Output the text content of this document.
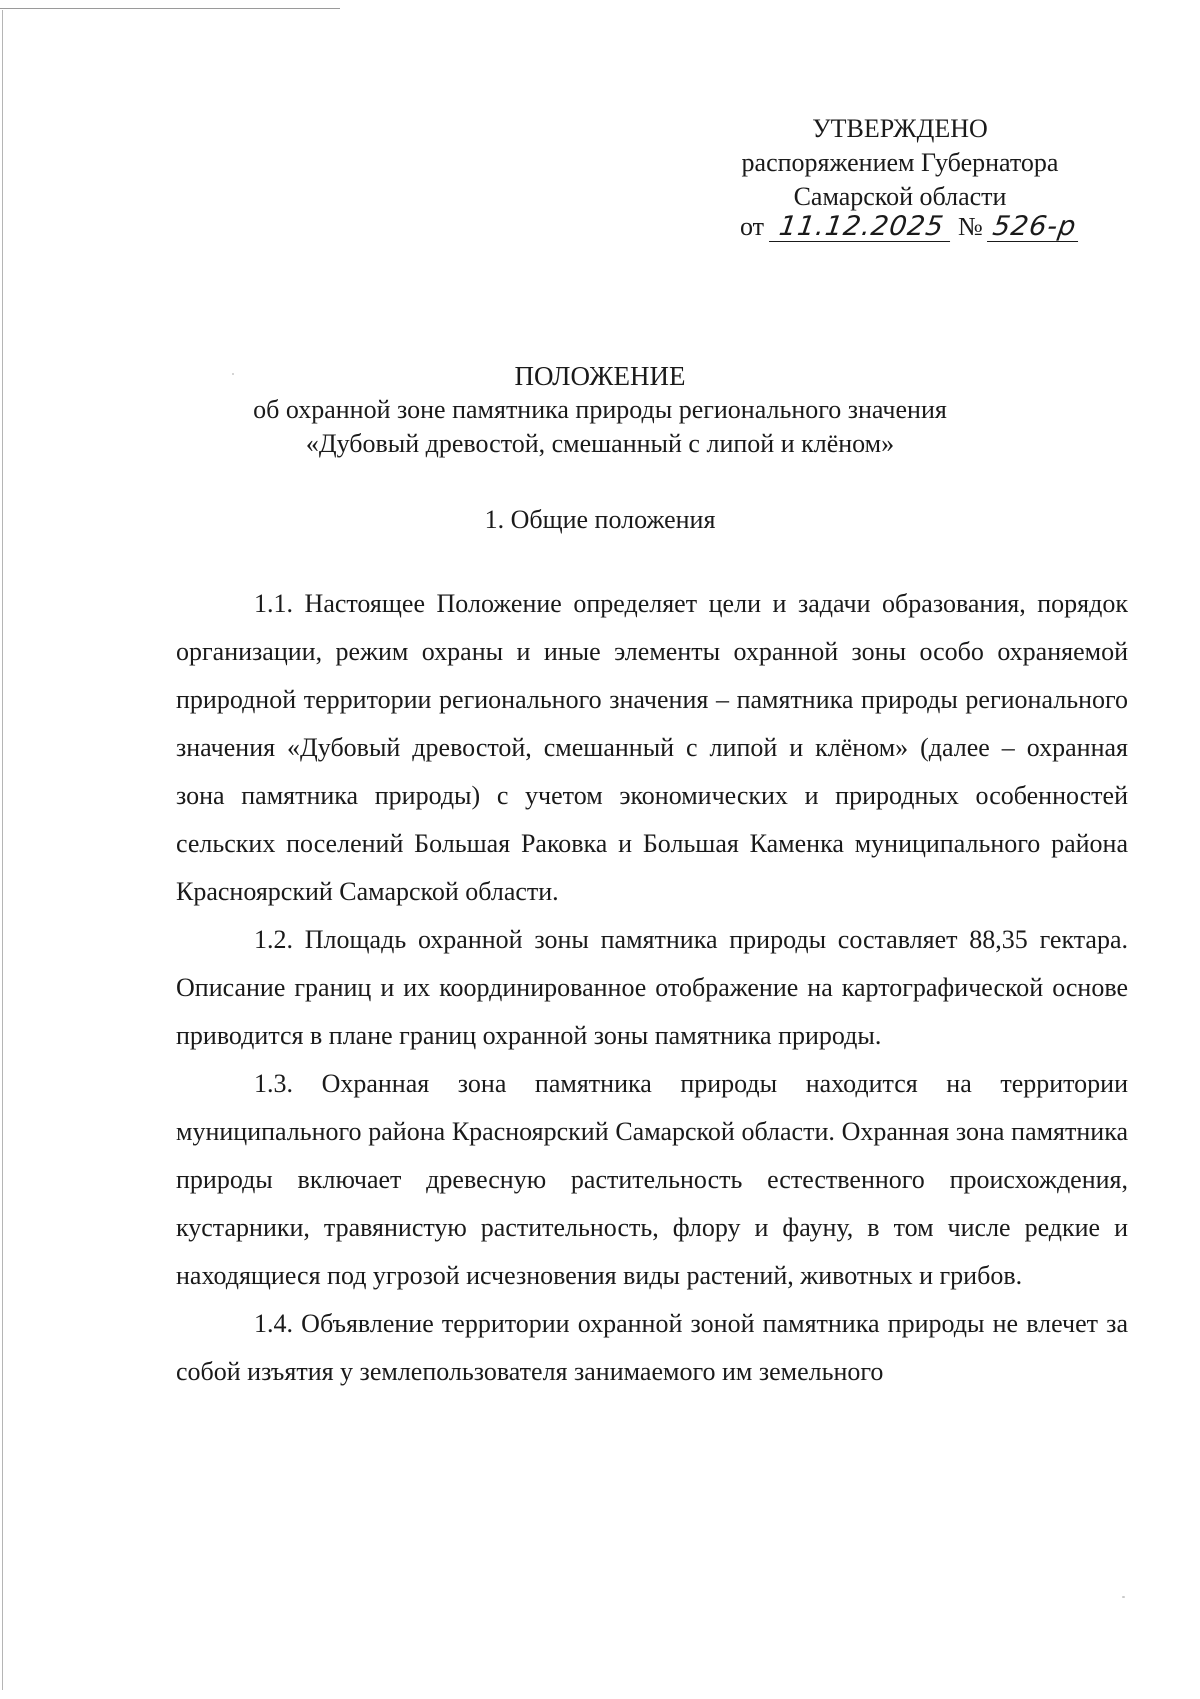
УТВЕРЖДЕНО
распоряжением Губернатора
Самарской области
от 11.12.2025 № 526-р
ПОЛОЖЕНИЕ
об охранной зоне памятника природы регионального значения
«Дубовый древостой, смешанный с липой и клёном»
1. Общие положения

1.1. Настоящее Положение определяет цели и задачи образования, порядок организации, режим охраны и иные элементы охранной зоны особо охраняемой природной территории регионального значения – памятника природы регионального значения «Дубовый древостой, смешанный с липой и клёном» (далее – охранная зона памятника природы) с учетом экономических и природных особенностей сельских поселений Большая Раковка и Большая Каменка муниципального района Красноярский Самарской области.

1.2. Площадь охранной зоны памятника природы составляет 88,35 гектара. Описание границ и их координированное отображение на картографической основе приводится в плане границ охранной зоны памятника природы.

1.3. Охранная зона памятника природы находится на территории муниципального района Красноярский Самарской области. Охранная зона памятника природы включает древесную растительность естественного происхождения, кустарники, травянистую растительность, флору и фауну, в том числе редкие и находящиеся под угрозой исчезновения виды растений, животных и грибов.

1.4. Объявление территории охранной зоной памятника природы не влечет за собой изъятия у землепользователя занимаемого им земельного
